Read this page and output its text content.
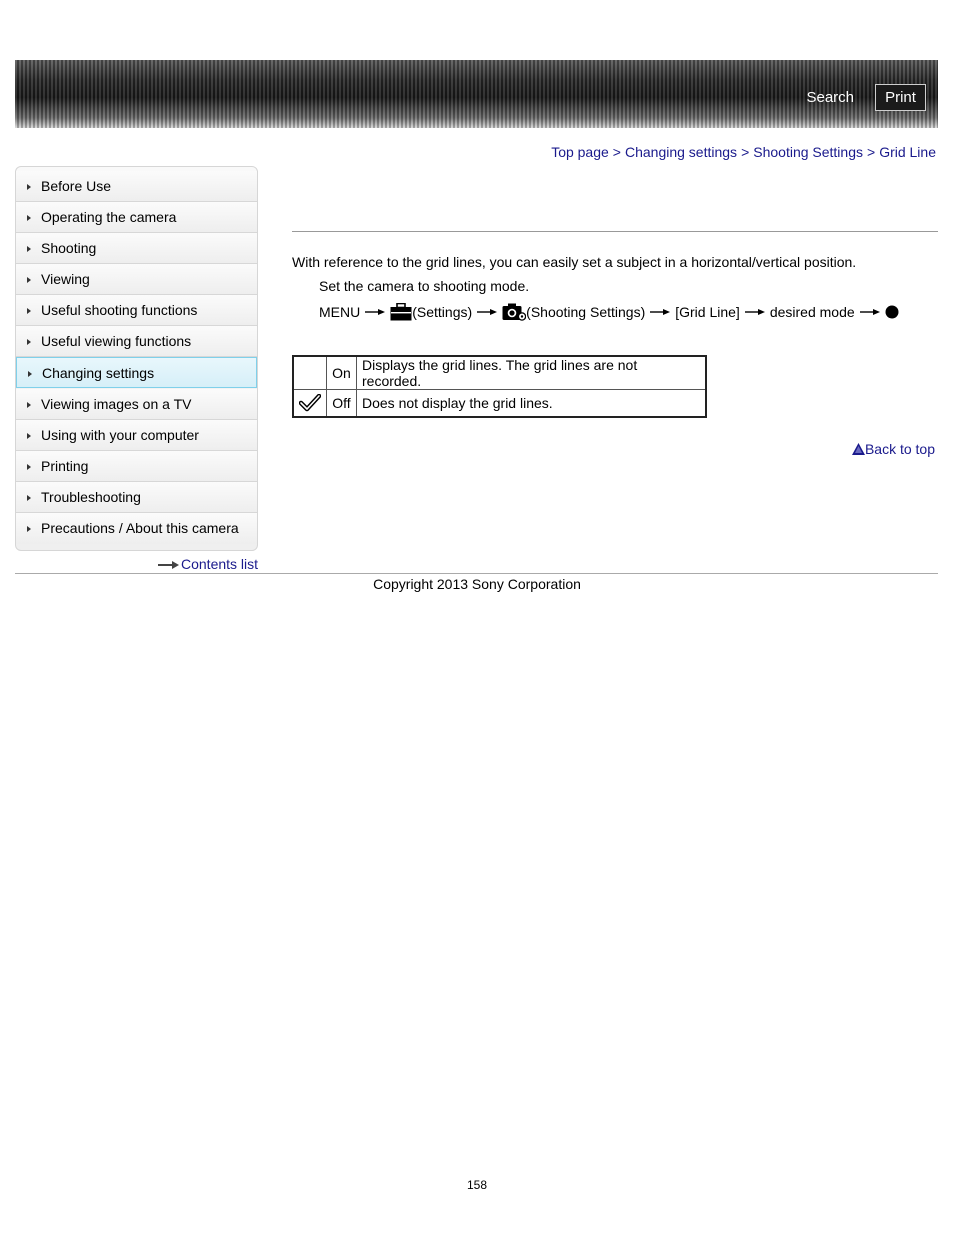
Search	Print
Top page > Changing settings > Shooting Settings > Grid Line
Before Use
Operating the camera
Shooting
Viewing
Useful shooting functions
Useful viewing functions
Changing settings
Viewing images on a TV
Using with your computer
Printing
Troubleshooting
Precautions / About this camera
Contents list
With reference to the grid lines, you can easily set a subject in a horizontal/vertical position.
Set the camera to shooting mode.
MENU	(Settings)	(Shooting Settings) [Grid Line] desired mode
	On	Displays the grid lines. The grid lines are not recorded.
	Off	Does not display the grid lines.
Back to top
Copyright 2013 Sony Corporation
158
